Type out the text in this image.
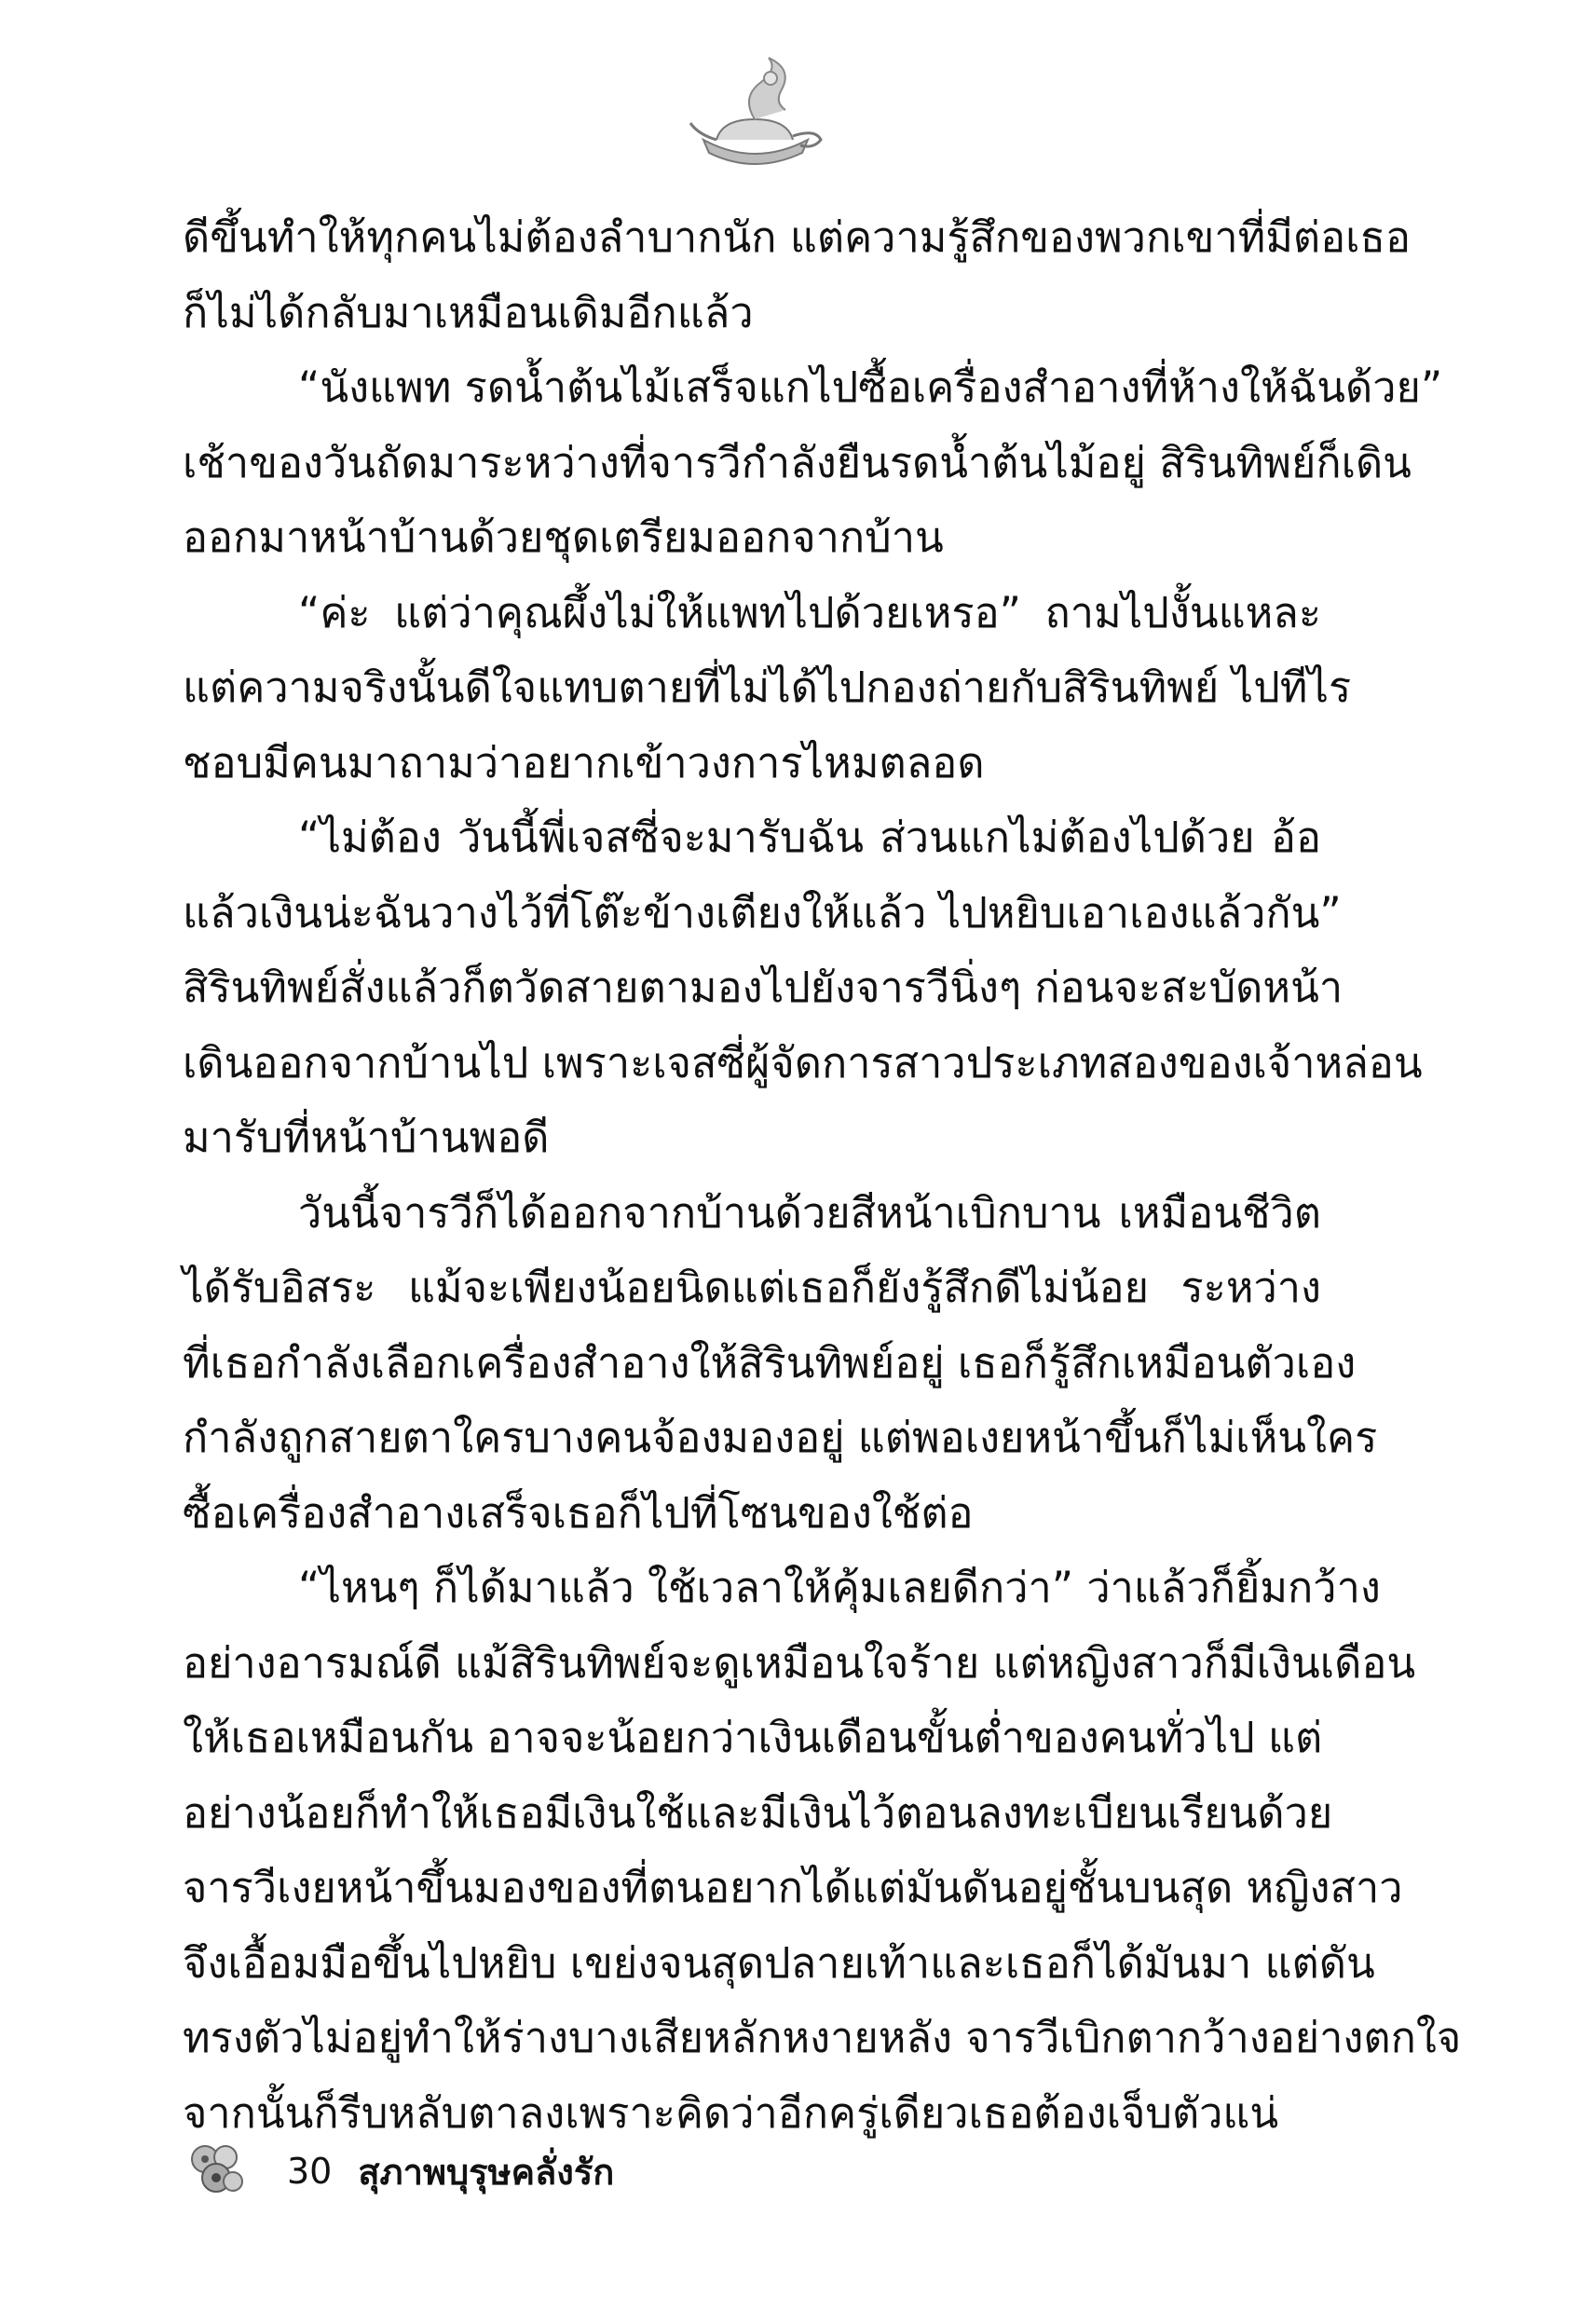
ดีขึ้นทำให้ทุกคนไม่ต้องลำบากนัก แต่ความรู้สึกของพวกเขาที่มีต่อเธอ
ก็ไม่ได้กลับมาเหมือนเดิมอีกแล้ว
“นังแพท รดน้ำต้นไม้เสร็จแกไปซื้อเครื่องสำอางที่ห้างให้ฉันด้วย”
เช้าของวันถัดมาระหว่างที่จารวีกำลังยืนรดน้ำต้นไม้อยู่ สิรินทิพย์ก็เดิน
ออกมาหน้าบ้านด้วยชุดเตรียมออกจากบ้าน
“ค่ะ แต่ว่าคุณผึ้งไม่ให้แพทไปด้วยเหรอ” ถามไปงั้นแหละ
แต่ความจริงนั้นดีใจแทบตายที่ไม่ได้ไปกองถ่ายกับสิรินทิพย์ ไปทีไร
ชอบมีคนมาถามว่าอยากเข้าวงการไหมตลอด
“ไม่ต้อง วันนี้พี่เจสซี่จะมารับฉัน ส่วนแกไม่ต้องไปด้วย อ้อ
แล้วเงินน่ะฉันวางไว้ที่โต๊ะข้างเตียงให้แล้ว ไปหยิบเอาเองแล้วกัน”
สิรินทิพย์สั่งแล้วก็ตวัดสายตามองไปยังจารวีนิ่งๆ ก่อนจะสะบัดหน้า
เดินออกจากบ้านไป เพราะเจสซี่ผู้จัดการสาวประเภทสองของเจ้าหล่อน
มารับที่หน้าบ้านพอดี
วันนี้จารวีก็ได้ออกจากบ้านด้วยสีหน้าเบิกบาน เหมือนชีวิต
ได้รับอิสระ แม้จะเพียงน้อยนิดแต่เธอก็ยังรู้สึกดีไม่น้อย ระหว่าง
ที่เธอกำลังเลือกเครื่องสำอางให้สิรินทิพย์อยู่ เธอก็รู้สึกเหมือนตัวเอง
กำลังถูกสายตาใครบางคนจ้องมองอยู่ แต่พอเงยหน้าขึ้นก็ไม่เห็นใคร
ซื้อเครื่องสำอางเสร็จเธอก็ไปที่โซนของใช้ต่อ
“ไหนๆ ก็ได้มาแล้ว ใช้เวลาให้คุ้มเลยดีกว่า” ว่าแล้วก็ยิ้มกว้าง
อย่างอารมณ์ดี แม้สิรินทิพย์จะดูเหมือนใจร้าย แต่หญิงสาวก็มีเงินเดือน
ให้เธอเหมือนกัน อาจจะน้อยกว่าเงินเดือนขั้นต่ำของคนทั่วไป แต่
อย่างน้อยก็ทำให้เธอมีเงินใช้และมีเงินไว้ตอนลงทะเบียนเรียนด้วย
จารวีเงยหน้าขึ้นมองของที่ตนอยากได้แต่มันดันอยู่ชั้นบนสุด หญิงสาว
จึงเอื้อมมือขึ้นไปหยิบ เขย่งจนสุดปลายเท้าและเธอก็ได้มันมา แต่ดัน
ทรงตัวไม่อยู่ทำให้ร่างบางเสียหลักหงายหลัง จารวีเบิกตากว้างอย่างตกใจ
จากนั้นก็รีบหลับตาลงเพราะคิดว่าอีกครู่เดียวเธอต้องเจ็บตัวแน่
30 สุภาพบุรุษคลั่งรัก
